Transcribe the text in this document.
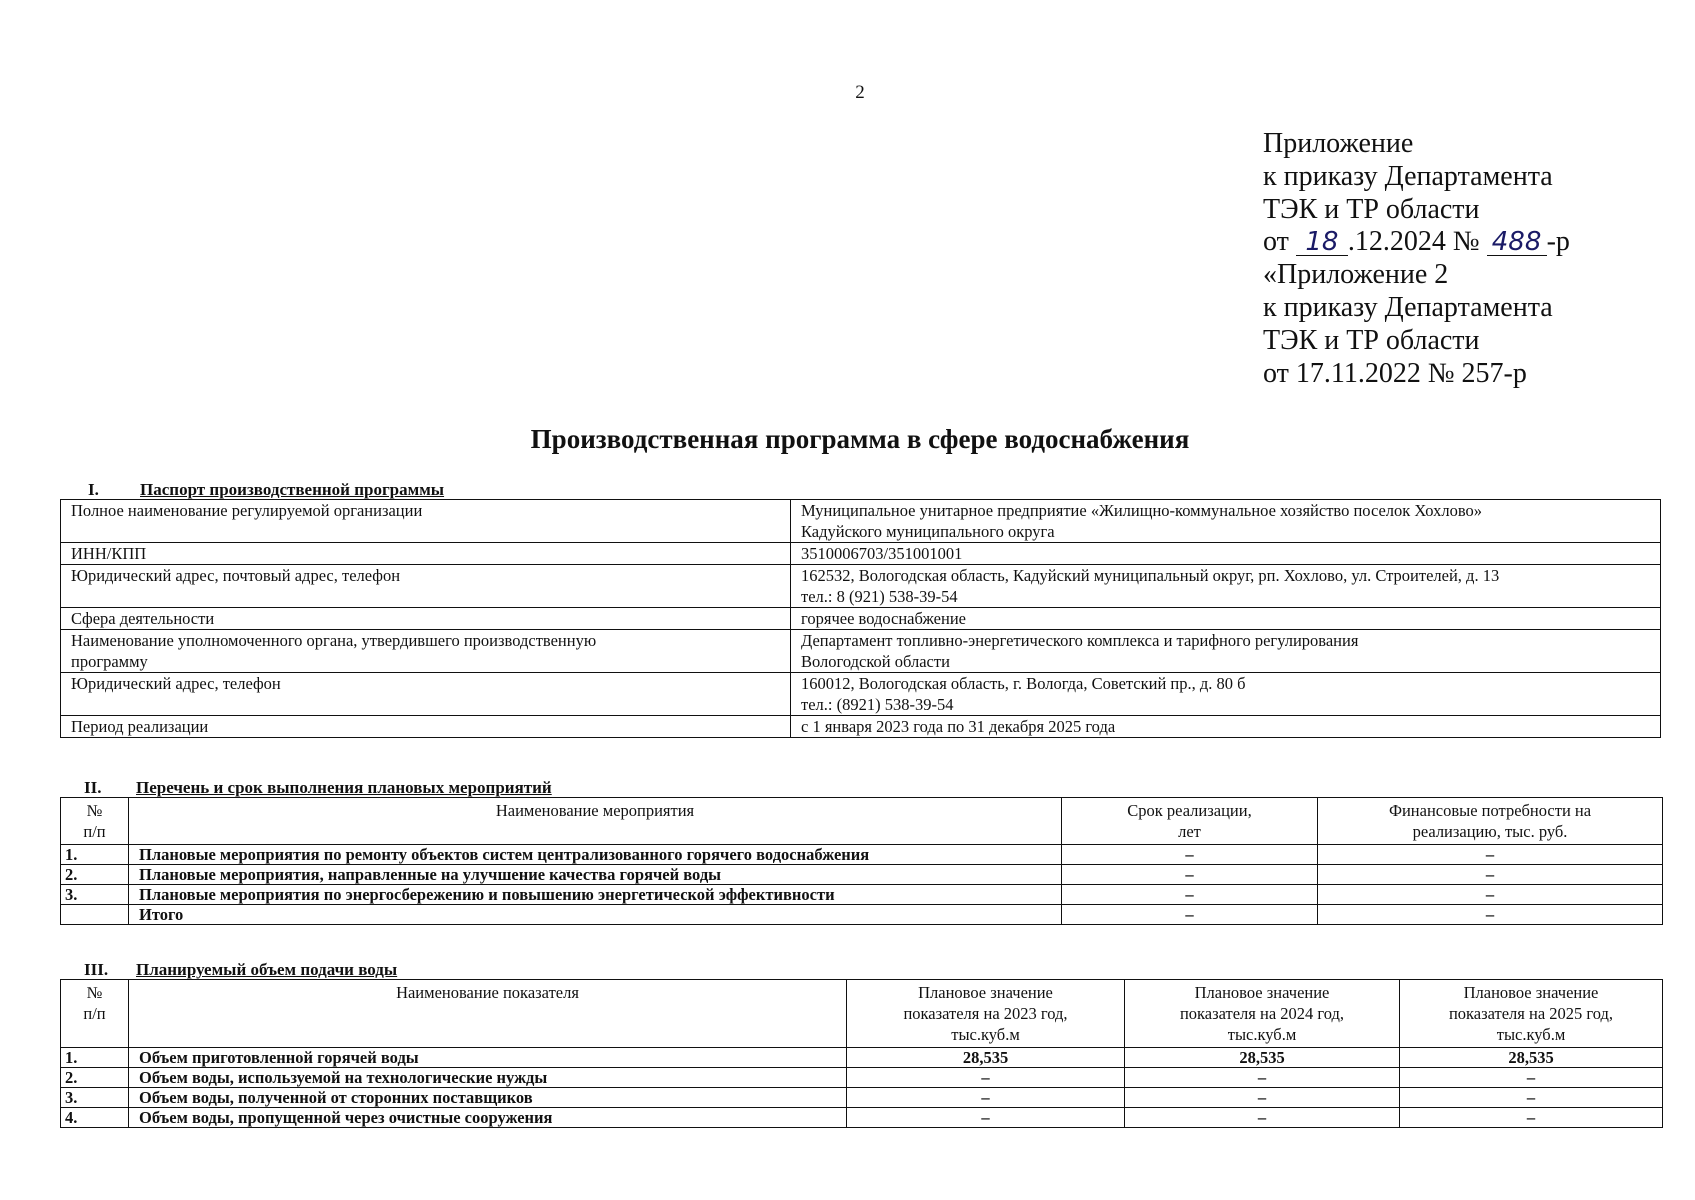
2
Приложение
к приказу Департамента
ТЭК и ТР области
от 18 .12.2024 № 488 -р
«Приложение 2
к приказу Департамента
ТЭК и ТР области
от 17.11.2022 № 257-р
Производственная программа в сфере водоснабжения
I. Паспорт производственной программы
Полное наименование регулируемой организации	Муниципальное унитарное предприятие «Жилищно-коммунальное хозяйство поселок Хохлово»
Кадуйского муниципального округа

ИНН/КПП	3510006703/351001001
Юридический адрес, почтовый адрес, телефон	162532, Вологодская область, Кадуйский муниципальный округ, рп. Хохлово, ул. Строителей, д. 13
тел.: 8 (921) 538-39-54

Сфера деятельности	горячее водоснабжение

Наименование уполномоченного органа, утвердившего производственную
программу	Департамент топливно-энергетического комплекса и тарифного регулирования
Вологодской области

Юридический адрес, телефон	160012, Вологодская область, г. Вологда, Советский пр., д. 80 б
тел.: (8921) 538-39-54

Период реализации	с 1 января 2023 года по 31 декабря 2025 года
II. Перечень и срок выполнения плановых мероприятий
№
п/п	Наименование мероприятия	Срок реализации,
лет	Финансовые потребности на
реализацию, тыс. руб.

1.	Плановые мероприятия по ремонту объектов систем централизованного горячего водоснабжения	–	–
2.	Плановые мероприятия, направленные на улучшение качества горячей воды	–	–
3.	Плановые мероприятия по энергосбережению и повышению энергетической эффективности	–	–
	Итого	–	–
III. Планируемый объем подачи воды
№
п/п	Наименование показателя	Плановое значение
показателя на 2023 год,
тыс.куб.м	Плановое значение
показателя на 2024 год,
тыс.куб.м	Плановое значение
показателя на 2025 год,
тыс.куб.м

1.	Объем приготовленной горячей воды	28,535	28,535	28,535
2.	Объем воды, используемой на технологические нужды	–	–	–
3.	Объем воды, полученной от сторонних поставщиков	–	–	–
4.	Объем воды, пропущенной через очистные сооружения	–	–	–
